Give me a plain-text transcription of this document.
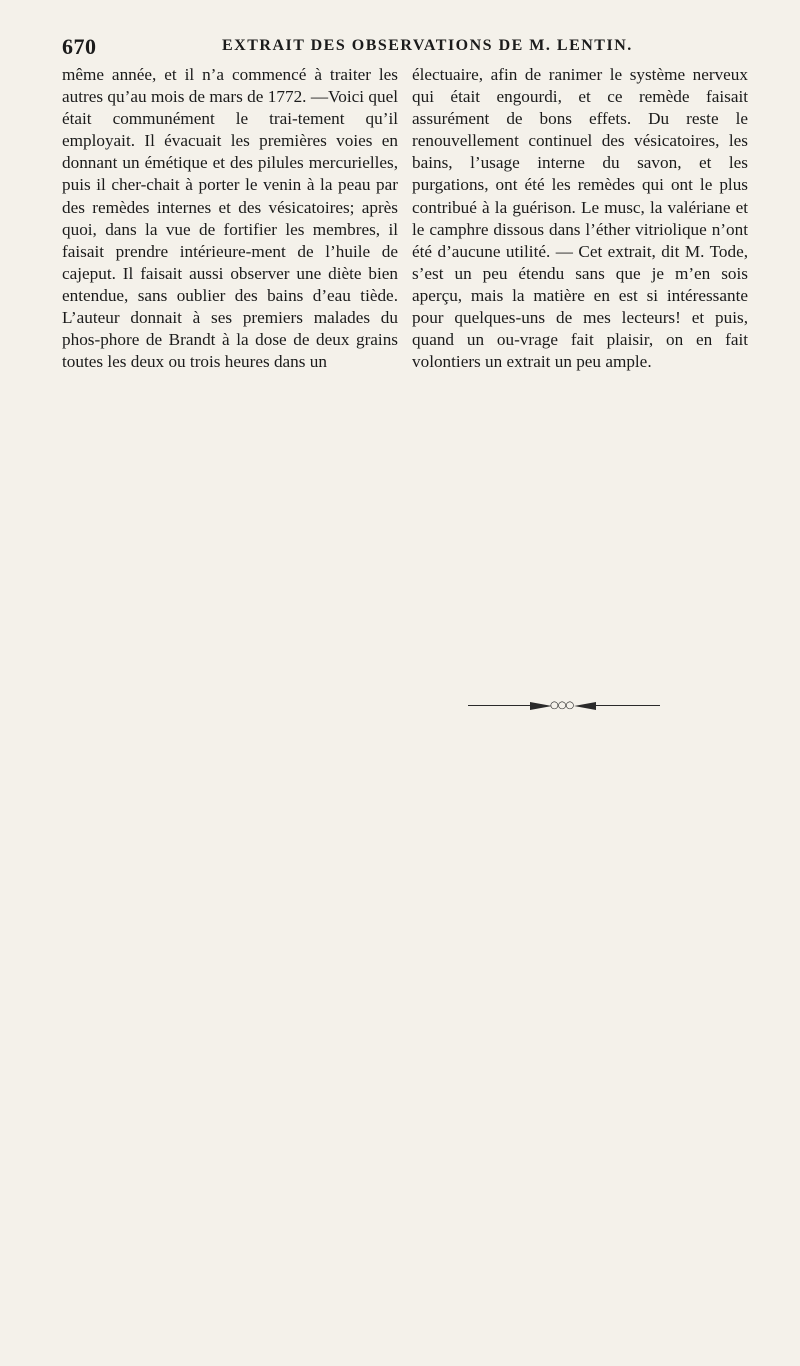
670	EXTRAIT DES OBSERVATIONS DE M. LENTIN.

même année, et il n’a commencé à traiter les autres qu’au mois de mars de 1772. —Voici quel était communément le trai-tement qu’il employait. Il évacuait les premières voies en donnant un émétique et des pilules mercurielles, puis il cher-chait à porter le venin à la peau par des remèdes internes et des vésicatoires; après quoi, dans la vue de fortifier les membres, il faisait prendre intérieure-ment de l’huile de cajeput. Il faisait aussi observer une diète bien entendue, sans oublier des bains d’eau tiède. L’auteur donnait à ses premiers malades du phos-phore de Brandt à la dose de deux grains toutes les deux ou trois heures dans un

électuaire, afin de ranimer le système nerveux qui était engourdi, et ce remède faisait assurément de bons effets. Du reste le renouvellement continuel des vésicatoires, les bains, l’usage interne du savon, et les purgations, ont été les remèdes qui ont le plus contribué à la guérison. Le musc, la valériane et le camphre dissous dans l’éther vitriolique n’ont été d’aucune utilité. — Cet extrait, dit M. Tode, s’est un peu étendu sans que je m’en sois aperçu, mais la matière en est si intéressante pour quelques-uns de mes lecteurs! et puis, quand un ou-vrage fait plaisir, on en fait volontiers un extrait un peu ample.

○○○
